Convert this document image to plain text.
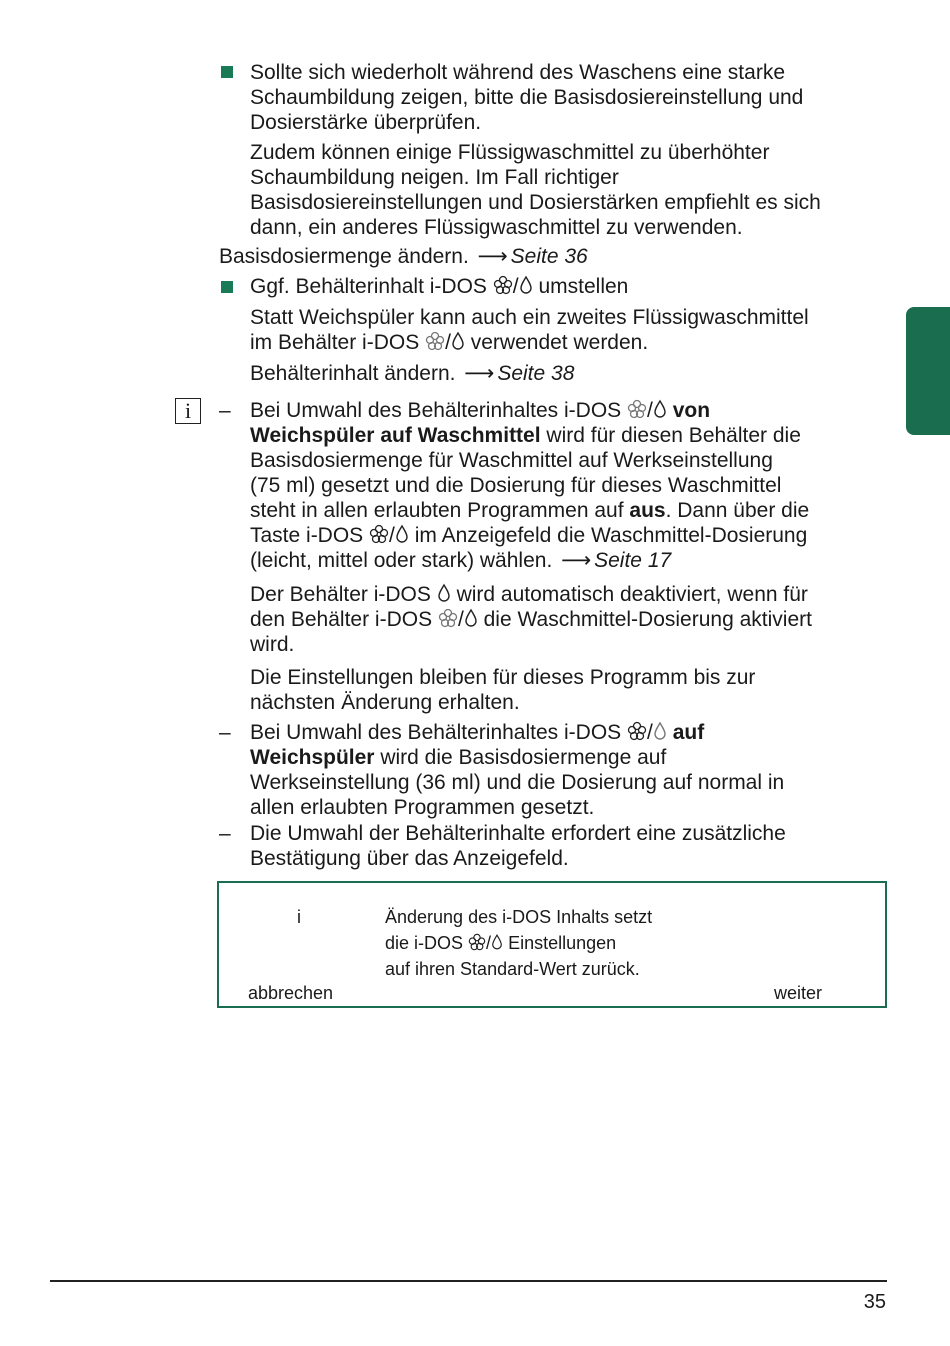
Sollte sich wiederholt während des Waschens eine starke
Schaumbildung zeigen, bitte die Basisdosiereinstellung und
Dosierstärke überprüfen.

Zudem können einige Flüssigwaschmittel zu überhöhter
Schaumbildung neigen. Im Fall richtiger
Basisdosiereinstellungen und Dosierstärken empfiehlt es sich
dann, ein anderes Flüssigwaschmittel zu verwenden.

Basisdosiermenge ändern. ⟶ Seite 36

Ggf. Behälterinhalt i-DOS / umstellen

Statt Weichspüler kann auch ein zweites Flüssigwaschmittel
im Behälter i-DOS / verwendet werden.

Behälterinhalt ändern. ⟶ Seite 38

i	– Bei Umwahl des Behälterinhaltes i-DOS / von
Weichspüler auf Waschmittel wird für diesen Behälter die
Basisdosiermenge für Waschmittel auf Werkseinstellung
(75 ml) gesetzt und die Dosierung für dieses Waschmittel
steht in allen erlaubten Programmen auf aus. Dann über die
Taste i-DOS / im Anzeigefeld die Waschmittel-Dosierung
(leicht, mittel oder stark) wählen. ⟶ Seite 17

Der Behälter i-DOS wird automatisch deaktiviert, wenn für
den Behälter i-DOS / die Waschmittel-Dosierung aktiviert
wird.

Die Einstellungen bleiben für dieses Programm bis zur
nächsten Änderung erhalten.

– Bei Umwahl des Behälterinhaltes i-DOS / auf
Weichspüler wird die Basisdosiermenge auf
Werkseinstellung (36 ml) und die Dosierung auf normal in
allen erlaubten Programmen gesetzt.

– Die Umwahl der Behälterinhalte erfordert eine zusätzliche
Bestätigung über das Anzeigefeld.

i	Änderung des i-DOS Inhalts setzt
die i-DOS / Einstellungen
auf ihren Standard-Wert zurück.
abbrechen	weiter
35
